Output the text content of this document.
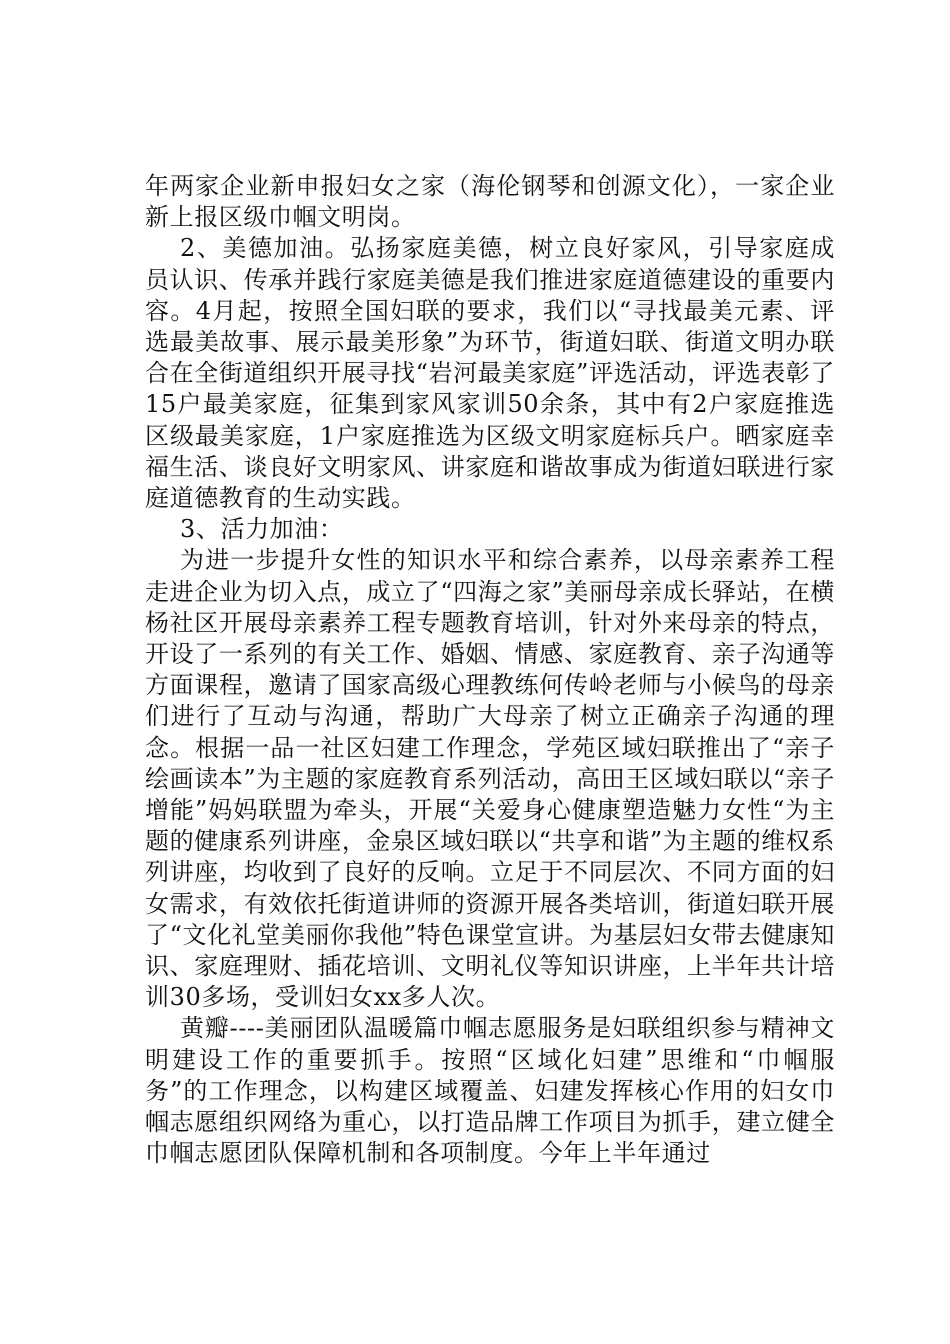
年两家企业新申报妇女之家（海伦钢琴和创源文化），一家企业新上报区级巾帼文明岗。

2、美德加油。弘扬家庭美德，树立良好家风，引导家庭成员认识、传承并践行家庭美德是我们推进家庭道德建设的重要内容。4月起，按照全国妇联的要求，我们以“寻找最美元素、评选最美故事、展示最美形象”为环节，街道妇联、街道文明办联合在全街道组织开展寻找“岩河最美家庭”评选活动，评选表彰了15户最美家庭，征集到家风家训50余条，其中有2户家庭推选区级最美家庭，1户家庭推选为区级文明家庭标兵户。晒家庭幸福生活、谈良好文明家风、讲家庭和谐故事成为街道妇联进行家庭道德教育的生动实践。

3、活力加油：

为进一步提升女性的知识水平和综合素养，以母亲素养工程走进企业为切入点，成立了“四海之家”美丽母亲成长驿站，在横杨社区开展母亲素养工程专题教育培训，针对外来母亲的特点，开设了一系列的有关工作、婚姻、情感、家庭教育、亲子沟通等方面课程，邀请了国家高级心理教练何传岭老师与小候鸟的母亲们进行了互动与沟通，帮助广大母亲了树立正确亲子沟通的理念。根据一品一社区妇建工作理念，学苑区域妇联推出了“亲子绘画读本”为主题的家庭教育系列活动，高田王区域妇联以“亲子增能”妈妈联盟为牵头，开展“关爱身心健康塑造魅力女性“为主题的健康系列讲座，金泉区域妇联以“共享和谐”为主题的维权系列讲座，均收到了良好的反响。立足于不同层次、不同方面的妇女需求，有效依托街道讲师的资源开展各类培训，街道妇联开展了“文化礼堂美丽你我他”特色课堂宣讲。为基层妇女带去健康知识、家庭理财、插花培训、文明礼仪等知识讲座，上半年共计培训30多场，受训妇女xx多人次。

黄瓣----美丽团队温暖篇巾帼志愿服务是妇联组织参与精神文明建设工作的重要抓手。按照“区域化妇建”思维和“巾帼服务”的工作理念，以构建区域覆盖、妇建发挥核心作用的妇女巾帼志愿组织网络为重心，以打造品牌工作项目为抓手，建立健全巾帼志愿团队保障机制和各项制度。今年上半年通过
